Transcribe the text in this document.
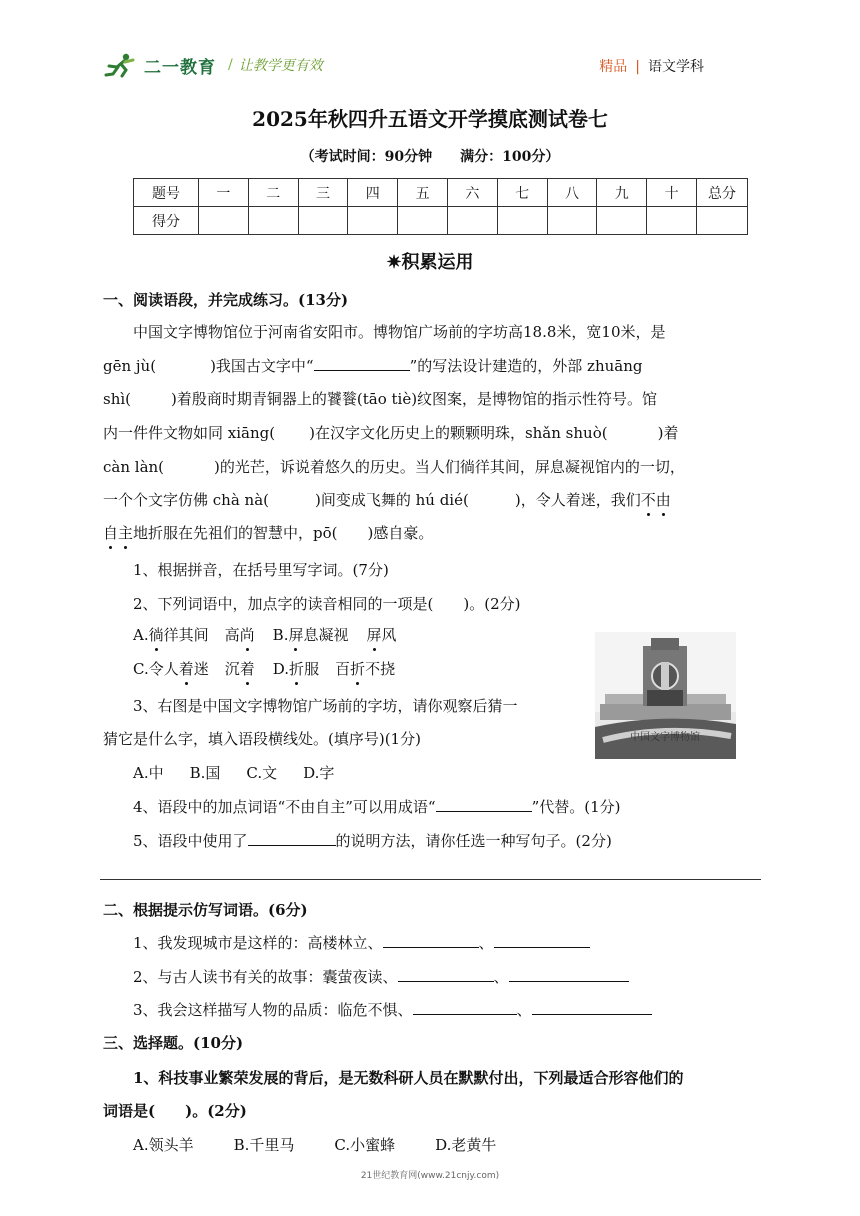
二一教育 / 让教学更有效	精品 | 语文学科
2025年秋四升五语文开学摸底测试卷七
（考试时间：90分钟　　满分：100分）
题号	一	二	三	四	五	六	七	八	九	十	总分
得分											
✷积累运用
一、阅读语段，并完成练习。(13分)
中国文字博物馆位于河南省安阳市。博物馆广场前的字坊高18.8米，宽10米，是
gēn jù(	)我国古文字中“	”的写法设计建造的，外部 zhuāng
shì(	)着殷商时期青铜器上的饕餮(tāo tiè)纹图案，是博物馆的指示性符号。馆
内一件件文物如同 xiāng( )在汉字文化历史上的颗颗明珠，shǎn shuò(	)着
càn làn(	)的光芒，诉说着悠久的历史。当人们徜徉其间，屏息凝视馆内的一切，
一个个文字仿佛 chà nà(	)间变成飞舞的 hú dié(	)，令人着迷，我们不由
自主地折服在先祖们的智慧中，pō( )感自豪。
1、根据拼音，在括号里写字词。(7分)
2、下列词语中，加点字的读音相同的一项是(　　)。(2分)
A.徜徉其间 高尚 B.屏息凝视 屏风
C.令人着迷 沉着 D.折服 百折不挠
3、右图是中国文字博物馆广场前的字坊，请你观察后猜一
猜它是什么字，填入语段横线处。(填序号)(1分)
A.中 B.国 C.文 D.字
中国文字博物馆
4、语段中的加点词语“不由自主”可以用成语“	”代替。(1分)
5、语段中使用了	的说明方法，请你任选一种写句子。(2分)
二、根据提示仿写词语。(6分)
1、我发现城市是这样的：高楼林立、	、
2、与古人读书有关的故事：囊萤夜读、	、
3、我会这样描写人物的品质：临危不惧、	、
三、选择题。(10分)
1、科技事业繁荣发展的背后，是无数科研人员在默默付出，下列最适合形容他们的
词语是(　　)。(2分)
A.领头羊	B.千里马	C.小蜜蜂	D.老黄牛
21世纪教育网(www.21cnjy.com)
